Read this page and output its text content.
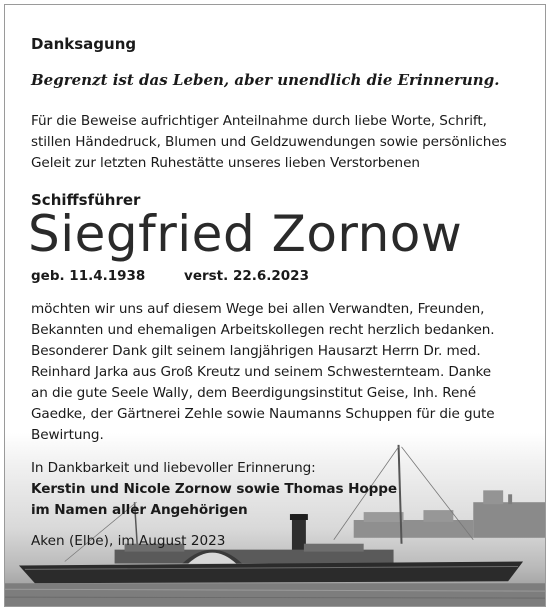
Danksagung
Begrenzt ist das Leben, aber unendlich die Erinnerung.
Für die Beweise aufrichtiger Anteilnahme durch liebe Worte, Schrift,
stillen Händedruck, Blumen und Geldzuwendungen sowie persönliches
Geleit zur letzten Ruhestätte unseres lieben Verstorbenen
Schiffsführer
Siegfried Zornow
geb. 11.4.1938	verst. 22.6.2023
möchten wir uns auf diesem Wege bei allen Verwandten, Freunden,
Bekannten und ehemaligen Arbeitskollegen recht herzlich bedanken.
Besonderer Dank gilt seinem langjährigen Hausarzt Herrn Dr. med.
Reinhard Jarka aus Groß Kreutz und seinem Schwesternteam. Danke
an die gute Seele Wally, dem Beerdigungsinstitut Geise, Inh. René
Gaedke, der Gärtnerei Zehle sowie Naumanns Schuppen für die gute
Bewirtung.
In Dankbarkeit und liebevoller Erinnerung:
Kerstin und Nicole Zornow sowie Thomas Hoppe
im Namen aller Angehörigen
Aken (Elbe), im August 2023
